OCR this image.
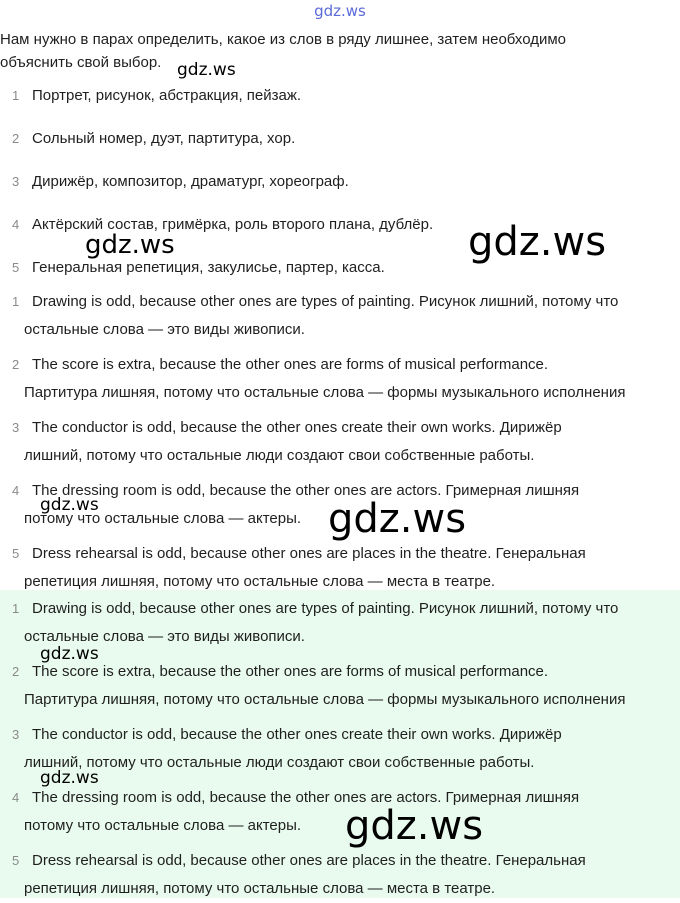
gdz.ws
Нам нужно в парах определить, какое из слов в ряду лишнее, затем необходимо объяснить свой выбор.
1 Портрет, рисунок, абстракция, пейзаж.
2 Сольный номер, дуэт, партитура, хор.
3 Дирижёр, композитор, драматург, хореограф.
4 Актёрский состав, гримёрка, роль второго плана, дублёр.
5 Генеральная репетиция, закулисье, партер, касса.
1 Drawing is odd, because other ones are types of painting. Рисунок лишний, потому что
остальные слова — это виды живописи.
2 The score is extra, because the other ones are forms of musical performance.
Партитура лишняя, потому что остальные слова — формы музыкального исполнения
3 The conductor is odd, because the other ones create their own works. Дирижёр
лишний, потому что остальные люди создают свои собственные работы.
4 The dressing room is odd, because the other ones are actors. Гримерная лишняя
потому что остальные слова — актеры.
5 Dress rehearsal is odd, because other ones are places in the theatre. Генеральная
репетиция лишняя, потому что остальные слова — места в театре.
1 Drawing is odd, because other ones are types of painting. Рисунок лишний, потому что
остальные слова — это виды живописи.
2 The score is extra, because the other ones are forms of musical performance.
Партитура лишняя, потому что остальные слова — формы музыкального исполнения
3 The conductor is odd, because the other ones create their own works. Дирижёр
лишний, потому что остальные люди создают свои собственные работы.
4 The dressing room is odd, because the other ones are actors. Гримерная лишняя
потому что остальные слова — актеры.
5 Dress rehearsal is odd, because other ones are places in the theatre. Генеральная
репетиция лишняя, потому что остальные слова — места в театре.
gdz.ws
gdz.ws
gdz.ws
gdz.ws	gdz.ws
gdz.ws
gdz.ws
gdz.ws
